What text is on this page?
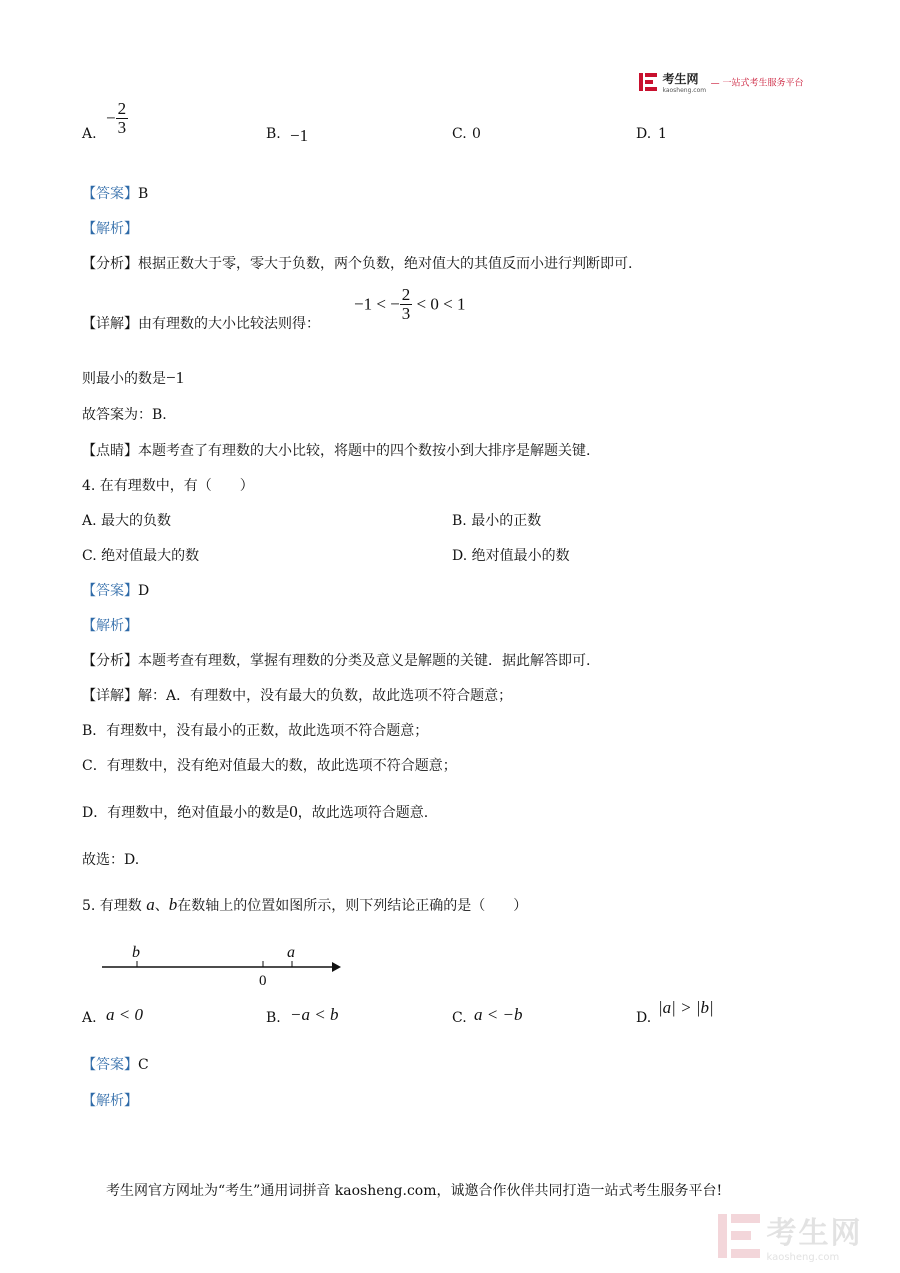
考生网
kaosheng.com
— 一站式考生服务平台
A.
− $\frac{2}{3}$	B. −1	C. 0	D. 1
【答案】B
【解析】
【分析】根据正数大于零，零大于负数，两个负数，绝对值大的其值反而小进行判断即可.
【详解】由有理数的大小比较法则得：
−1 < − $\frac{2}{3} < 0 < 1$
则最小的数是−1
故答案为：B.
【点睛】本题考查了有理数的大小比较，将题中的四个数按小到大排序是解题关键.
4. 在有理数中，有（　　）
A. 最大的负数	B. 最小的正数
C. 绝对值最大的数	D. 绝对值最小的数
【答案】D
【解析】
【分析】本题考查有理数，掌握有理数的分类及意义是解题的关键．据此解答即可.
【详解】解：A．有理数中，没有最大的负数，故此选项不符合题意；
B．有理数中，没有最小的正数，故此选项不符合题意；
C．有理数中，没有绝对值最大的数，故此选项不符合题意；
D．有理数中，绝对值最小的数是0，故此选项符合题意.
故选：D.
5. 有理数 a、b在数轴上的位置如图所示，则下列结论正确的是（　　）
b	a
0
A. a < 0	B. −a < b	C. a < −b	D.
|a| > |b|
【答案】C
【解析】
考生网官方网址为“考生”通用词拼音 kaosheng.com，诚邀合作伙伴共同打造一站式考生服务平台!

考生网
kaosheng.com
